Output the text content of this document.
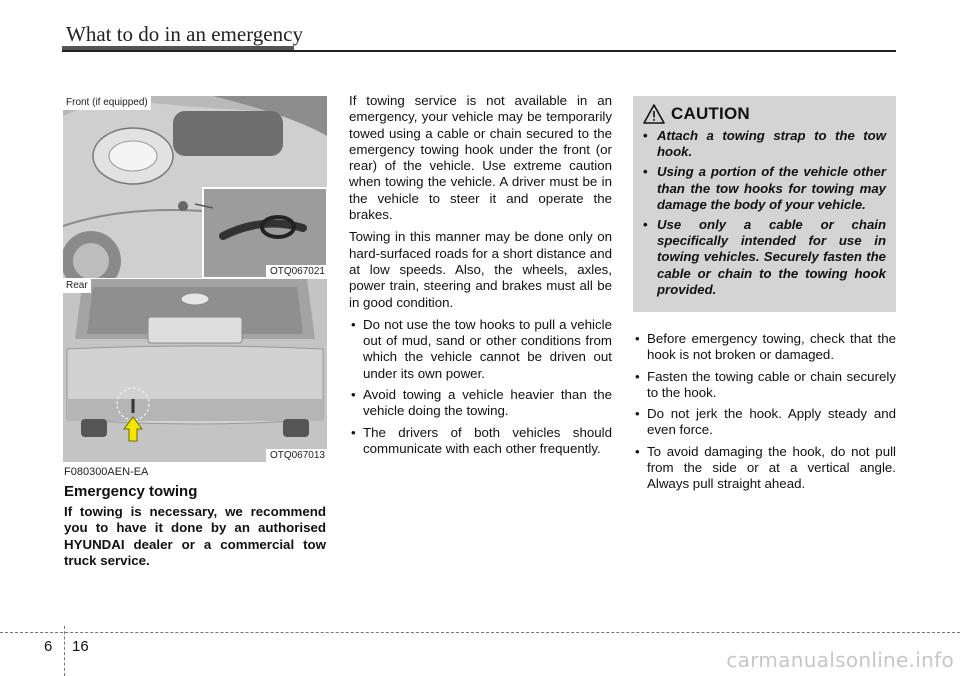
What to do in an emergency
Front (if equipped)
OTQ067021
Rear
OTQ067013
F080300AEN-EA
Emergency towing
If towing is necessary, we recommend you to have it done by an authorised HYUNDAI dealer or a commercial tow truck service.

If towing service is not available in an emergency, your vehicle may be temporarily towed using a cable or chain secured to the emergency towing hook under the front (or rear) of the vehicle. Use extreme caution when towing the vehicle. A driver must be in the vehicle to steer it and operate the brakes.

Towing in this manner may be done only on hard-surfaced roads for a short distance and at low speeds. Also, the wheels, axles, power train, steering and brakes must all be in good condition.

• Do not use the tow hooks to pull a vehicle out of mud, sand or other conditions from which the vehicle cannot be driven out under its own power.
• Avoid towing a vehicle heavier than the vehicle doing the towing.
• The drivers of both vehicles should communicate with each other frequently.
CAUTION
• Attach a towing strap to the tow hook.
• Using a portion of the vehicle other than the tow hooks for towing may damage the body of your vehicle.
• Use only a cable or chain specifically intended for use in towing vehicles. Securely fasten the cable or chain to the towing hook provided.
• Before emergency towing, check that the hook is not broken or damaged.
• Fasten the towing cable or chain securely to the hook.
• Do not jerk the hook. Apply steady and even force.
• To avoid damaging the hook, do not pull from the side or at a vertical angle. Always pull straight ahead.
6 16
carmanualsonline.info
